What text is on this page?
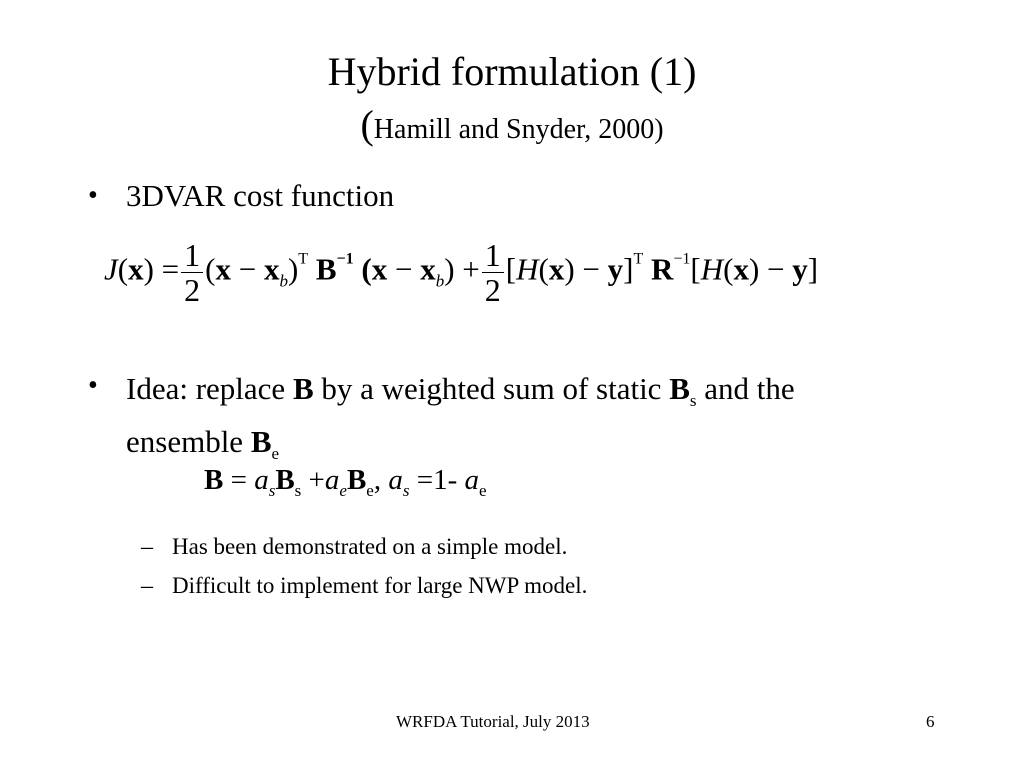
Hybrid formulation (1)
(Hamill and Snyder, 2000)
• 3DVAR cost function
$J(x) = \frac{1}{2} (x - x_b)^T$ $B^{-1}$ $(x - x_b) + \frac{1}{2} [H(x) - y]^T$ $R^{-1}[H(x) - y]$
• Idea: replace B by a weighted sum of static $B_s$ and the
ensemble $B_e$
$B = a_sB_s +a_eB_e$, $a_s =1-$ $a_e$
– Has been demonstrated on a simple model.
– Difficult to implement for large NWP model.
WRFDA Tutorial, July 2013	6
